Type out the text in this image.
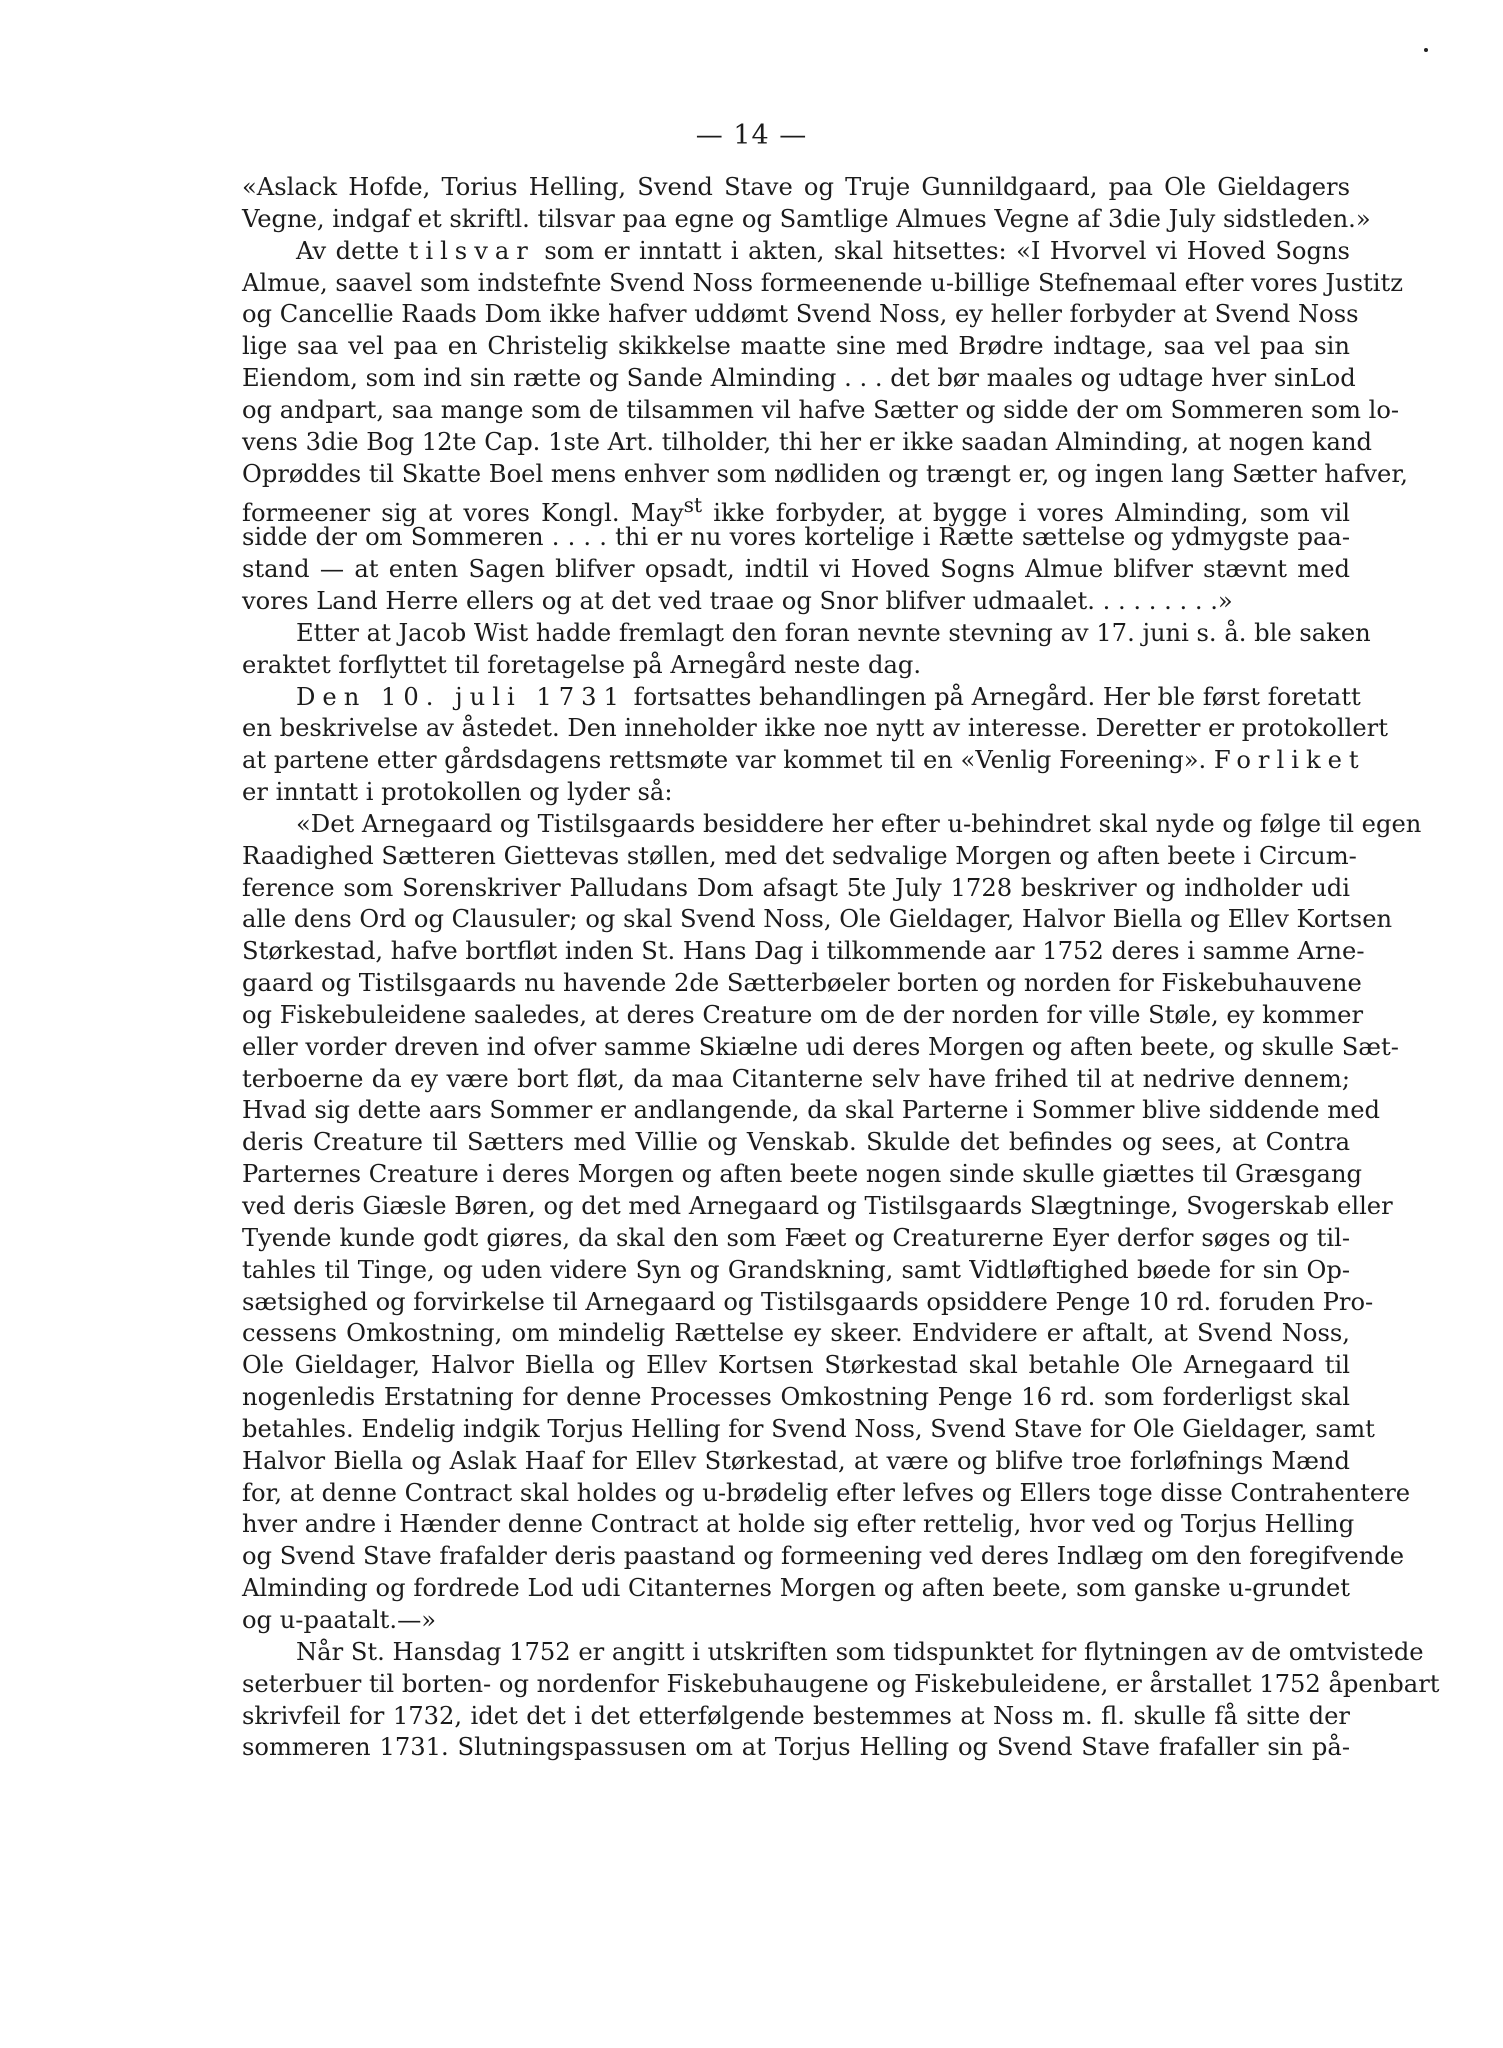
— 14 —
«Aslack Hofde, Torius Helling, Svend Stave og Truje Gunnildgaard, paa Ole Gieldagers
Vegne, indgaf et skriftl. tilsvar paa egne og Samtlige Almues Vegne af 3die July sidstleden.»
Av dette tilsvar som er inntatt i akten, skal hitsettes: «I Hvorvel vi Hoved Sogns
Almue, saavel som indstefnte Svend Noss formeenende u-billige Stefnemaal efter vores Justitz
og Cancellie Raads Dom ikke hafver uddømt Svend Noss, ey heller forbyder at Svend Noss
lige saa vel paa en Christelig skikkelse maatte sine med Brødre indtage, saa vel paa sin
Eiendom, som ind sin rætte og Sande Alminding . . . det bør maales og udtage hver sinLod
og andpart, saa mange som de tilsammen vil hafve Sætter og sidde der om Sommeren som lo-
vens 3die Bog 12te Cap. 1ste Art. tilholder, thi her er ikke saadan Alminding, at nogen kand
Oprøddes til Skatte Boel mens enhver som nødliden og trængt er, og ingen lang Sætter hafver,
formeener sig at vores Kongl. May$^{st}$ ikke forbyder, at bygge i vores Alminding, som vil
sidde der om Sommeren . . . . thi er nu vores kortelige i Rætte sættelse og ydmygste paa-
stand — at enten Sagen blifver opsadt, indtil vi Hoved Sogns Almue blifver stævnt med
vores Land Herre ellers og at det ved traae og Snor blifver udmaalet. . . . . . . . .»
Etter at Jacob Wist hadde fremlagt den foran nevnte stevning av 17. juni s. å. ble saken
eraktet forflyttet til foretagelse på Arnegård neste dag.
Den 10. juli 1731 fortsattes behandlingen på Arnegård. Her ble først foretatt
en beskrivelse av åstedet. Den inneholder ikke noe nytt av interesse. Deretter er protokollert
at partene etter gårdsdagens rettsmøte var kommet til en «Venlig Foreening». Forliket
er inntatt i protokollen og lyder så:
«Det Arnegaard og Tistilsgaards besiddere her efter u-behindret skal nyde og følge til egen
Raadighed Sætteren Giettevas støllen, med det sedvalige Morgen og aften beete i Circum-
ference som Sorenskriver Palludans Dom afsagt 5te July 1728 beskriver og indholder udi
alle dens Ord og Clausuler; og skal Svend Noss, Ole Gieldager, Halvor Biella og Ellev Kortsen
Størkestad, hafve bortfløt inden St. Hans Dag i tilkommende aar 1752 deres i samme Arne-
gaard og Tistilsgaards nu havende 2de Sætterbøeler borten og norden for Fiskebuhauvene
og Fiskebuleidene saaledes, at deres Creature om de der norden for ville Støle, ey kommer
eller vorder dreven ind ofver samme Skiælne udi deres Morgen og aften beete, og skulle Sæt-
terboerne da ey være bort fløt, da maa Citanterne selv have frihed til at nedrive dennem;
Hvad sig dette aars Sommer er andlangende, da skal Parterne i Sommer blive siddende med
deris Creature til Sætters med Villie og Venskab. Skulde det befindes og sees, at Contra
Parternes Creature i deres Morgen og aften beete nogen sinde skulle giættes til Græsgang
ved deris Giæsle Børen, og det med Arnegaard og Tistilsgaards Slægtninge, Svogerskab eller
Tyende kunde godt giøres, da skal den som Fæet og Creaturerne Eyer derfor søges og til-
tahles til Tinge, og uden videre Syn og Grandskning, samt Vidtløftighed bøede for sin Op-
sætsighed og forvirkelse til Arnegaard og Tistilsgaards opsiddere Penge 10 rd. foruden Pro-
cessens Omkostning, om mindelig Rættelse ey skeer. Endvidere er aftalt, at Svend Noss,
Ole Gieldager, Halvor Biella og Ellev Kortsen Størkestad skal betahle Ole Arnegaard til
nogenledis Erstatning for denne Processes Omkostning Penge 16 rd. som forderligst skal
betahles. Endelig indgik Torjus Helling for Svend Noss, Svend Stave for Ole Gieldager, samt
Halvor Biella og Aslak Haaf for Ellev Størkestad, at være og blifve troe forløfnings Mænd
for, at denne Contract skal holdes og u-brødelig efter lefves og Ellers toge disse Contrahentere
hver andre i Hænder denne Contract at holde sig efter rettelig, hvor ved og Torjus Helling
og Svend Stave frafalder deris paastand og formeening ved deres Indlæg om den foregifvende
Alminding og fordrede Lod udi Citanternes Morgen og aften beete, som ganske u-grundet
og u-paatalt.—»
Når St. Hansdag 1752 er angitt i utskriften som tidspunktet for flytningen av de omtvistede
seterbuer til borten- og nordenfor Fiskebuhaugene og Fiskebuleidene, er årstallet 1752 åpenbart
skrivfeil for 1732, idet det i det etterfølgende bestemmes at Noss m. fl. skulle få sitte der
sommeren 1731. Slutningspassusen om at Torjus Helling og Svend Stave frafaller sin på-
